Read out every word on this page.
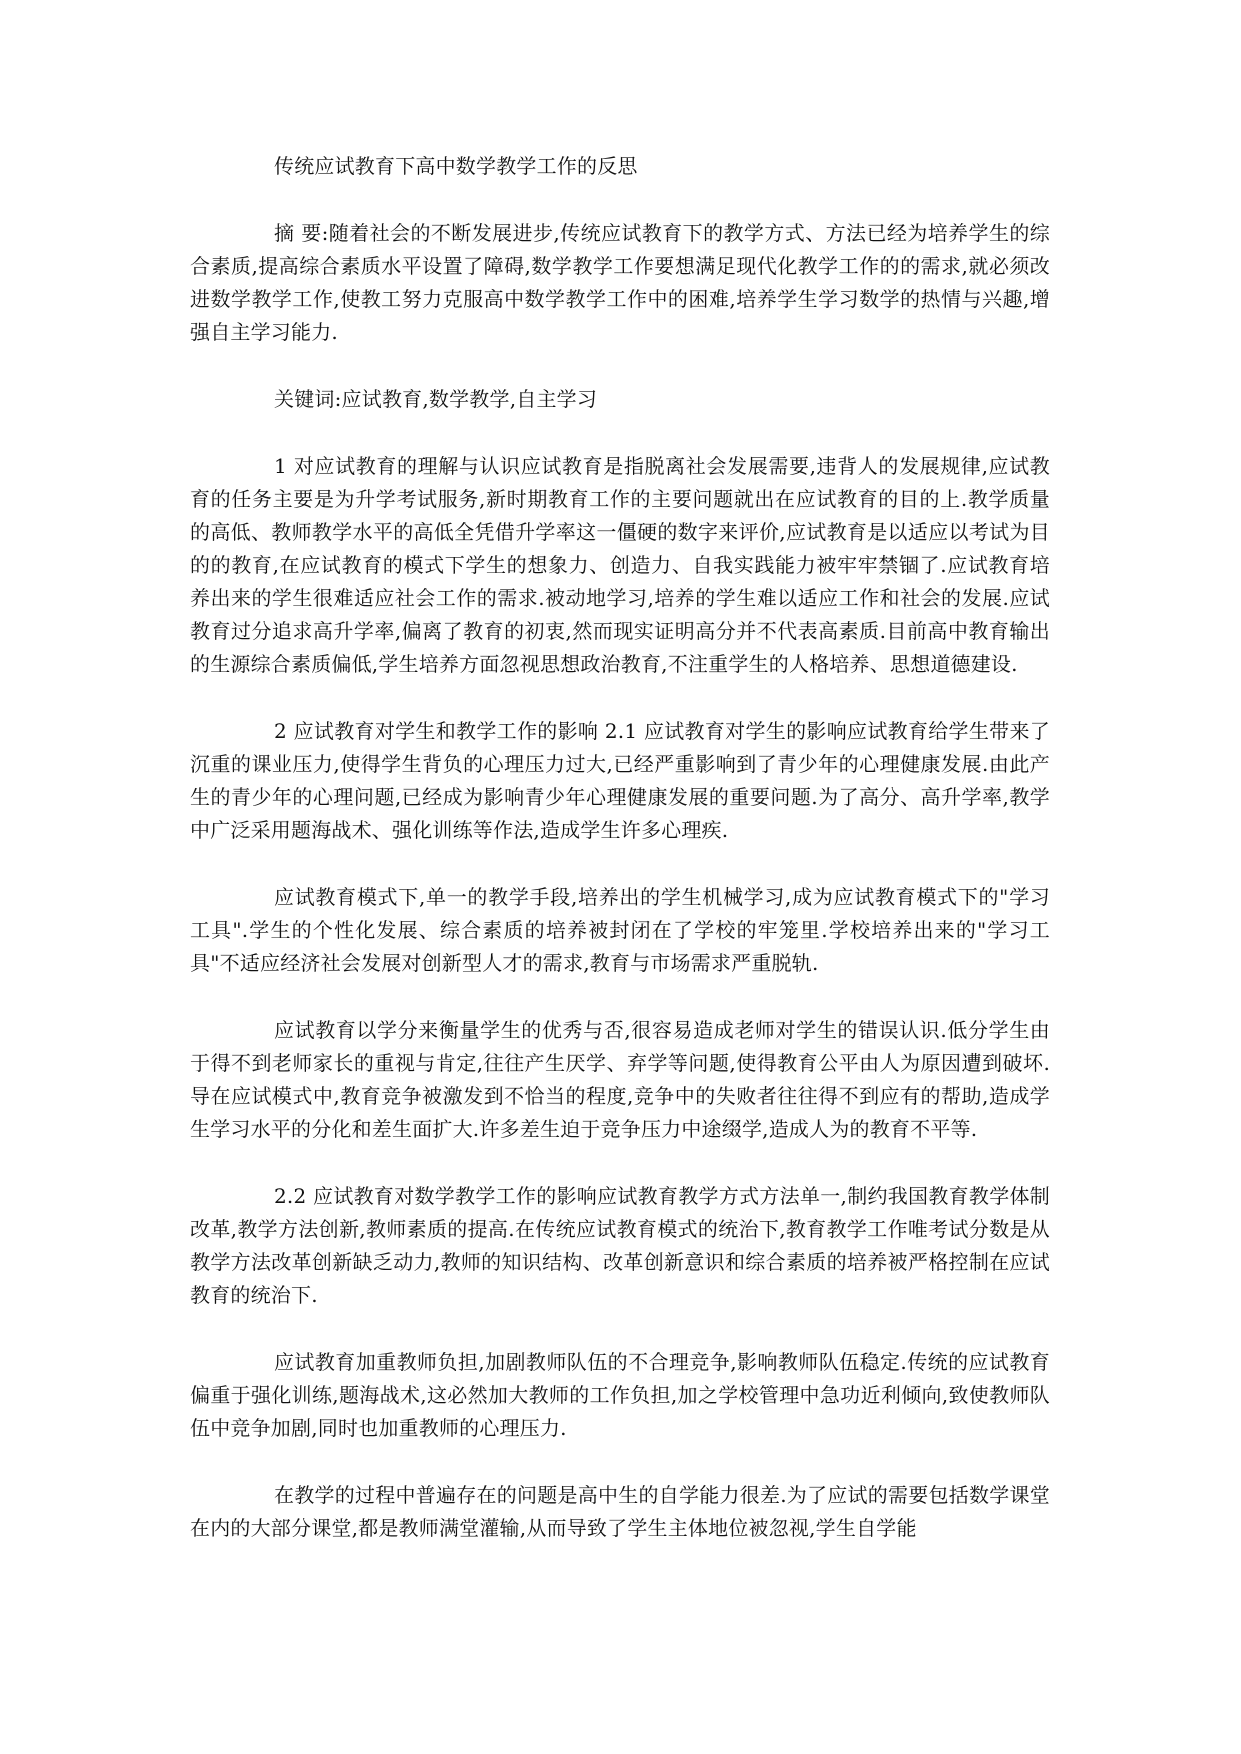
传统应试教育下高中数学教学工作的反思

摘 要:随着社会的不断发展进步,传统应试教育下的教学方式、方法已经为培养学生的综合素质,提高综合素质水平设置了障碍,数学教学工作要想满足现代化教学工作的的需求,就必须改进数学教学工作,使教工努力克服高中数学教学工作中的困难,培养学生学习数学的热情与兴趣,增强自主学习能力.

关键词:应试教育,数学教学,自主学习

1 对应试教育的理解与认识应试教育是指脱离社会发展需要,违背人的发展规律,应试教育的任务主要是为升学考试服务,新时期教育工作的主要问题就出在应试教育的目的上.教学质量的高低、教师教学水平的高低全凭借升学率这一僵硬的数字来评价,应试教育是以适应以考试为目的的教育,在应试教育的模式下学生的想象力、创造力、自我实践能力被牢牢禁锢了.应试教育培养出来的学生很难适应社会工作的需求.被动地学习,培养的学生难以适应工作和社会的发展.应试教育过分追求高升学率,偏离了教育的初衷,然而现实证明高分并不代表高素质.目前高中教育输出的生源综合素质偏低,学生培养方面忽视思想政治教育,不注重学生的人格培养、思想道德建设.

2 应试教育对学生和教学工作的影响 2.1 应试教育对学生的影响应试教育给学生带来了沉重的课业压力,使得学生背负的心理压力过大,已经严重影响到了青少年的心理健康发展.由此产生的青少年的心理问题,已经成为影响青少年心理健康发展的重要问题.为了高分、高升学率,教学中广泛采用题海战术、强化训练等作法,造成学生许多心理疾.

应试教育模式下,单一的教学手段,培养出的学生机械学习,成为应试教育模式下的"学习工具".学生的个性化发展、综合素质的培养被封闭在了学校的牢笼里.学校培养出来的"学习工具"不适应经济社会发展对创新型人才的需求,教育与市场需求严重脱轨.

应试教育以学分来衡量学生的优秀与否,很容易造成老师对学生的错误认识.低分学生由于得不到老师家长的重视与肯定,往往产生厌学、弃学等问题,使得教育公平由人为原因遭到破坏.导在应试模式中,教育竞争被激发到不恰当的程度,竞争中的失败者往往得不到应有的帮助,造成学生学习水平的分化和差生面扩大.许多差生迫于竞争压力中途缀学,造成人为的教育不平等.

2.2 应试教育对数学教学工作的影响应试教育教学方式方法单一,制约我国教育教学体制改革,教学方法创新,教师素质的提高.在传统应试教育模式的统治下,教育教学工作唯考试分数是从教学方法改革创新缺乏动力,教师的知识结构、改革创新意识和综合素质的培养被严格控制在应试教育的统治下.

应试教育加重教师负担,加剧教师队伍的不合理竞争,影响教师队伍稳定.传统的应试教育偏重于强化训练,题海战术,这必然加大教师的工作负担,加之学校管理中急功近利倾向,致使教师队伍中竞争加剧,同时也加重教师的心理压力.

在教学的过程中普遍存在的问题是高中生的自学能力很差.为了应试的需要包括数学课堂在内的大部分课堂,都是教师满堂灌输,从而导致了学生主体地位被忽视,学生自学能
